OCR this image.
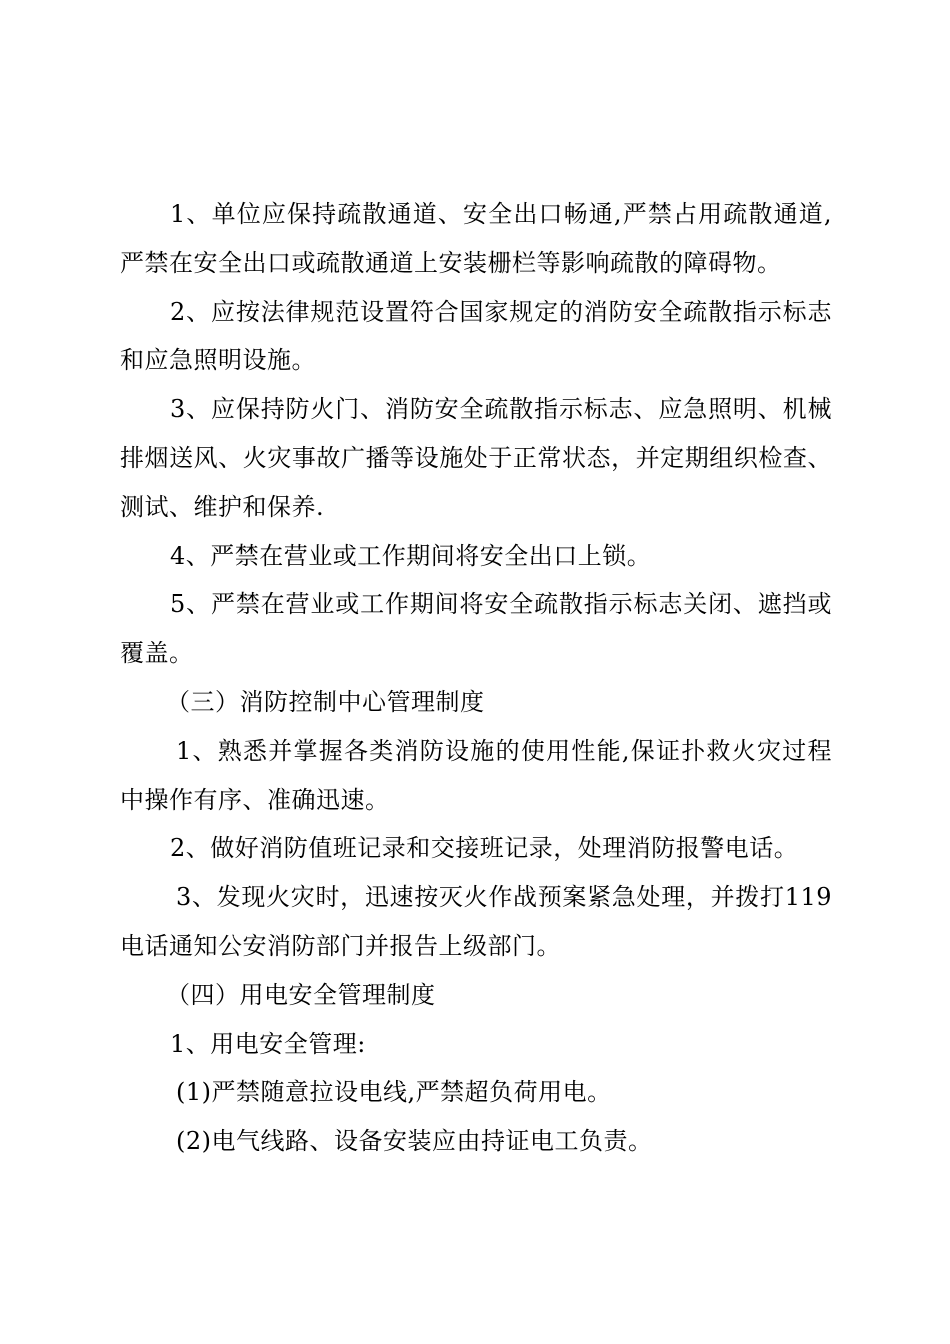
1、单位应保持疏散通道、安全出口畅通,严禁占用疏散通道,严禁在安全出口或疏散通道上安装栅栏等影响疏散的障碍物。

2、应按法律规范设置符合国家规定的消防安全疏散指示标志和应急照明设施。

3、应保持防火门、消防安全疏散指示标志、应急照明、机械排烟送风、火灾事故广播等设施处于正常状态，并定期组织检查、测试、维护和保养.

4、严禁在营业或工作期间将安全出口上锁。

5、严禁在营业或工作期间将安全疏散指示标志关闭、遮挡或覆盖。

（三）消防控制中心管理制度

1、熟悉并掌握各类消防设施的使用性能,保证扑救火灾过程中操作有序、准确迅速。

2、做好消防值班记录和交接班记录，处理消防报警电话。

3、发现火灾时，迅速按灭火作战预案紧急处理，并拨打119电话通知公安消防部门并报告上级部门。

（四）用电安全管理制度

1、用电安全管理:

(1)严禁随意拉设电线,严禁超负荷用电。

(2)电气线路、设备安装应由持证电工负责。
